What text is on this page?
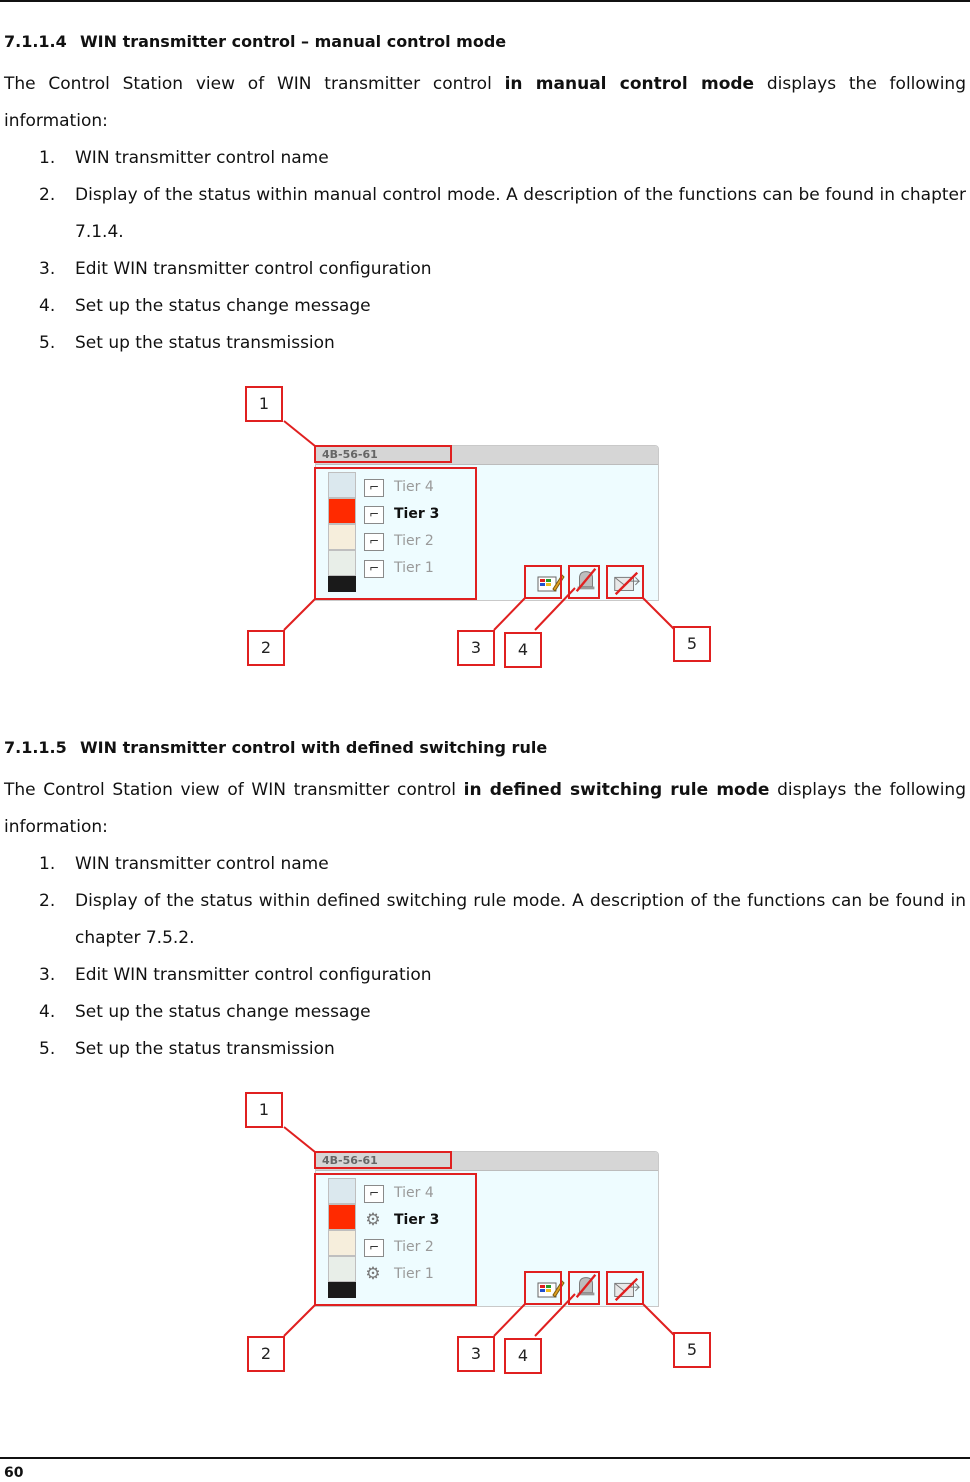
7.1.1.4 WIN transmitter control – manual control mode

The Control Station view of WIN transmitter control in manual control mode displays the following information:

1. WIN transmitter control name
2. Display of the status within manual control mode. A description of the functions can be found in chapter 7.1.4.
3. Edit WIN transmitter control configuration
4. Set up the status change message
5. Set up the status transmission
4B-56-61
⌐	Tier 4
⌐	Tier 3
⌐	Tier 2
⌐	Tier 1
1
2	3	4	5
7.1.1.5 WIN transmitter control with defined switching rule

The Control Station view of WIN transmitter control in defined switching rule mode displays the following information:

1. WIN transmitter control name
2. Display of the status within defined switching rule mode. A description of the functions can be found in chapter 7.5.2.
3. Edit WIN transmitter control configuration
4. Set up the status change message
5. Set up the status transmission
4B-56-61
⌐	Tier 4
⚙ Tier 3
⌐	Tier 2
⚙ Tier 1
1
2	3	4	5
60
